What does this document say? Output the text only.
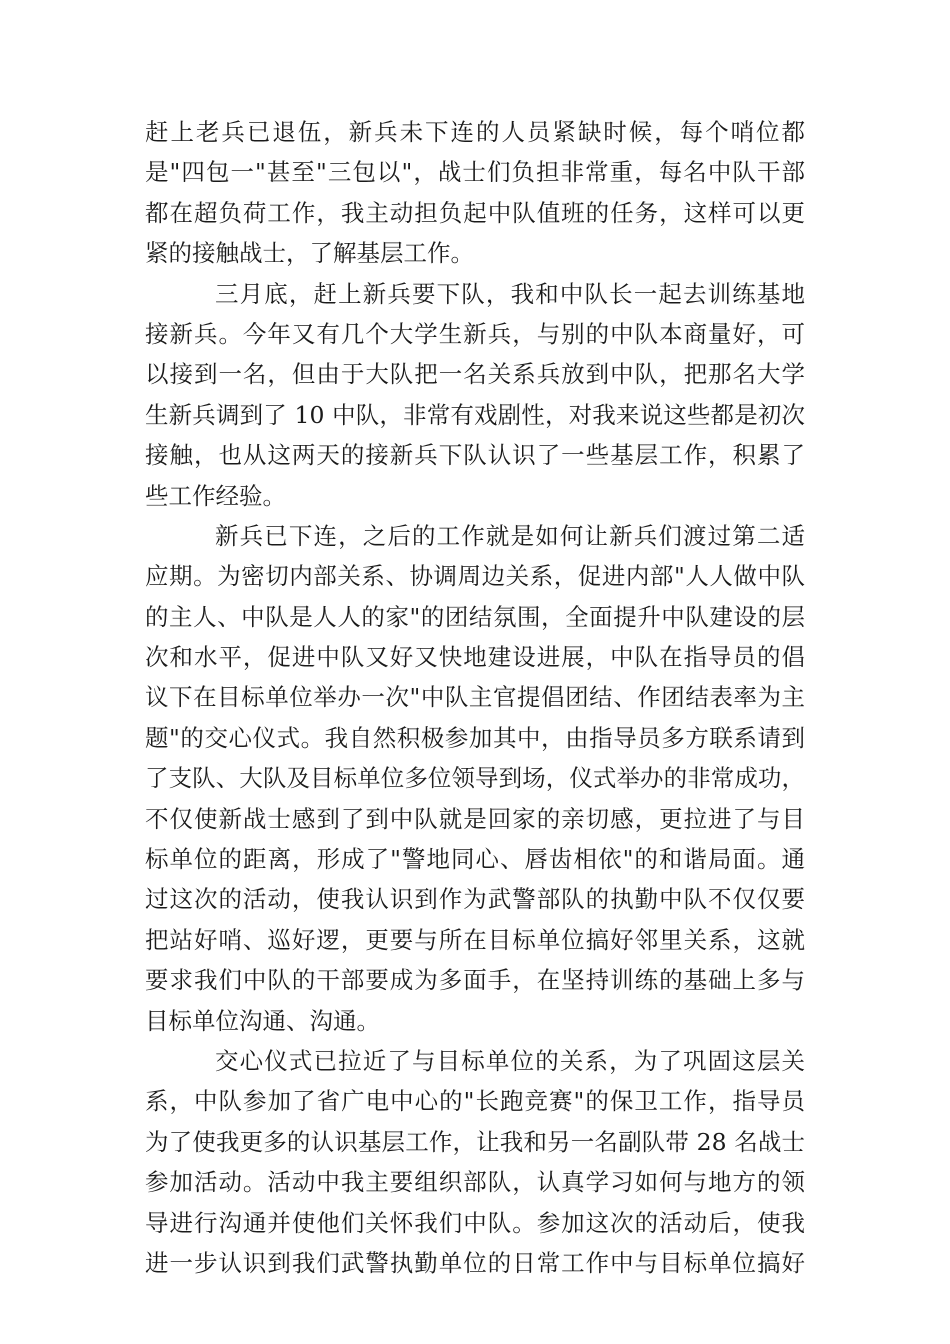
赶上老兵已退伍，新兵未下连的人员紧缺时候，每个哨位都
是"四包一"甚至"三包以"，战士们负担非常重，每名中队干部
都在超负荷工作，我主动担负起中队值班的任务，这样可以更
紧的接触战士，了解基层工作。
三月底，赶上新兵要下队，我和中队长一起去训练基地
接新兵。今年又有几个大学生新兵，与别的中队本商量好，可
以接到一名，但由于大队把一名关系兵放到中队，把那名大学
生新兵调到了 10 中队，非常有戏剧性，对我来说这些都是初次
接触，也从这两天的接新兵下队认识了一些基层工作，积累了
些工作经验。
新兵已下连，之后的工作就是如何让新兵们渡过第二适
应期。为密切内部关系、协调周边关系，促进内部"人人做中队
的主人、中队是人人的家"的团结氛围，全面提升中队建设的层
次和水平，促进中队又好又快地建设进展，中队在指导员的倡
议下在目标单位举办一次"中队主官提倡团结、作团结表率为主
题"的交心仪式。我自然积极参加其中，由指导员多方联系请到
了支队、大队及目标单位多位领导到场，仪式举办的非常成功，
不仅使新战士感到了到中队就是回家的亲切感，更拉进了与目
标单位的距离，形成了"警地同心、唇齿相依"的和谐局面。通
过这次的活动，使我认识到作为武警部队的执勤中队不仅仅要
把站好哨、巡好逻，更要与所在目标单位搞好邻里关系，这就
要求我们中队的干部要成为多面手，在坚持训练的基础上多与
目标单位沟通、沟通。
交心仪式已拉近了与目标单位的关系，为了巩固这层关
系，中队参加了省广电中心的"长跑竞赛"的保卫工作，指导员
为了使我更多的认识基层工作，让我和另一名副队带 28 名战士
参加活动。活动中我主要组织部队，认真学习如何与地方的领
导进行沟通并使他们关怀我们中队。参加这次的活动后，使我
进一步认识到我们武警执勤单位的日常工作中与目标单位搞好
